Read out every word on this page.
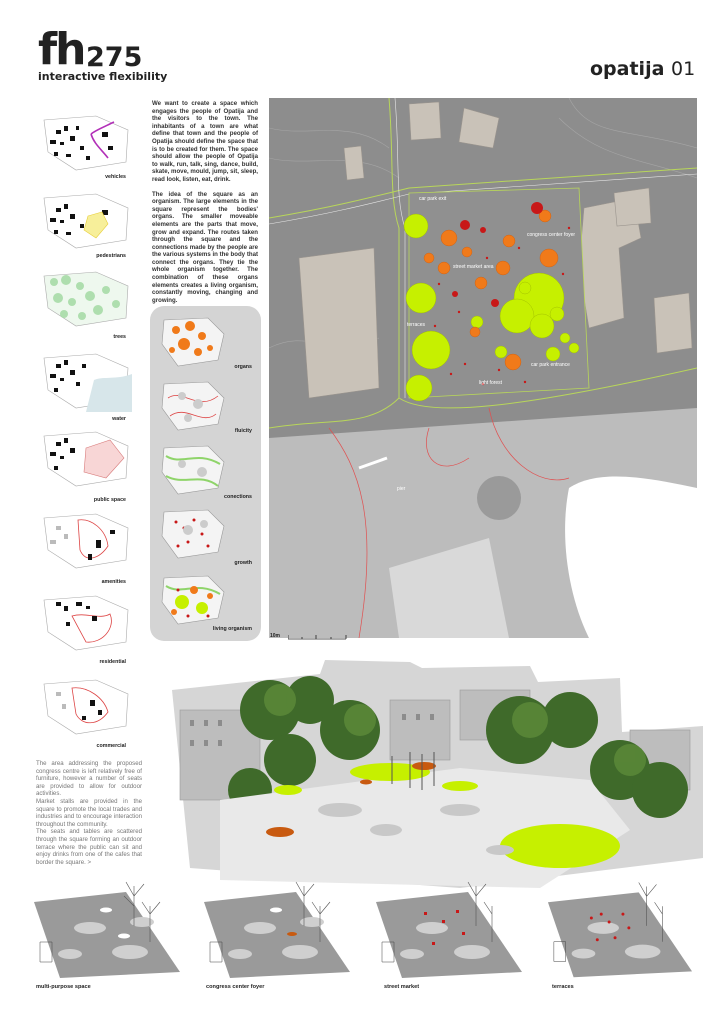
fh 275
interactive flexibility	opatija 01
vehicles
pedestrians
trees
water
public space
amenities
residential
commercial

We want to create a space which engages the people of Opatija and the visitors to the town. The inhabitants of a town are what define that town and the people of Opatija should define the space that is to be created for them. The space should allow the people of Opatija to walk, run, talk, sing, dance, build, skate, move, mould, jump, sit, sleep, read look, listen, eat, drink.

The idea of the square as an organism. The large elements in the square represent the bodies' organs. The smaller moveable elements are the parts that move, grow and expand. The routes taken through the square and the connections made by the people are the various systems in the body that connect the organs. They tie the whole organism together. The combination of these organs elements creates a living organism, constantly moving, changing and growing.

organs
fluicity
conections
growth
living organism
car park exit
congress center foyer
street market area
terraces
light forest
car park entrance
pier
10m

The area addressing the proposed congress centre is left relatively free of furniture, however a number of seats are provided to allow for outdoor activities.

Market stalls are provided in the square to promote the local trades and industries and to encourage interaction throughout the community.

The seats and tables are scattered through the square forming an outdoor terrace where the public can sit and enjoy drinks from one of the cafes that border the square. >

multi-purpose space	congress center foyer	street market	terraces
